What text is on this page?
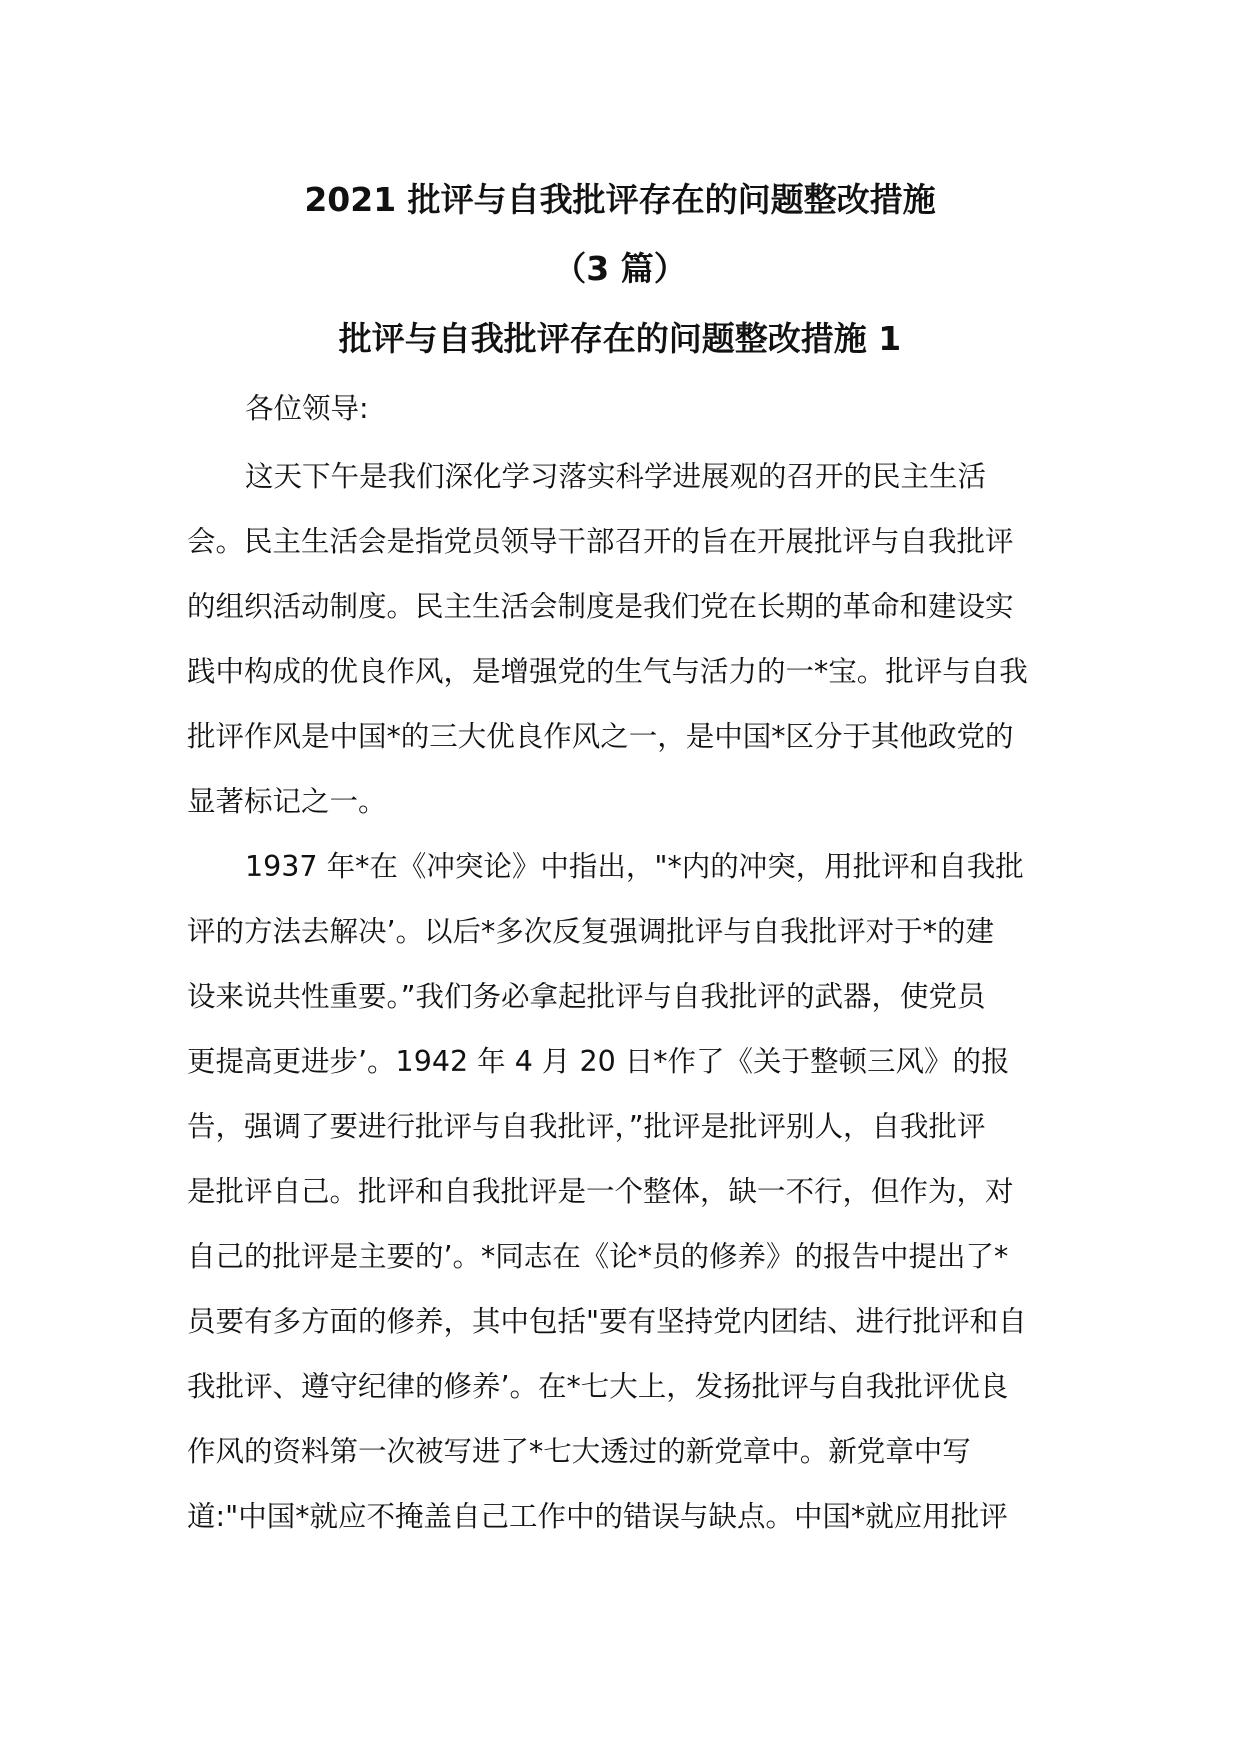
2021 批评与自我批评存在的问题整改措施
（3 篇）
批评与自我批评存在的问题整改措施 1
各位领导:
这天下午是我们深化学习落实科学进展观的召开的民主生活
会。民主生活会是指党员领导干部召开的旨在开展批评与自我批评
的组织活动制度。民主生活会制度是我们党在长期的革命和建设实
践中构成的优良作风，是增强党的生气与活力的一*宝。批评与自我
批评作风是中国*的三大优良作风之一，是中国*区分于其他政党的
显著标记之一。
1937 年*在《冲突论》中指出，"*内的冲突，用批评和自我批
评的方法去解决’。以后*多次反复强调批评与自我批评对于*的建
设来说共性重要。”我们务必拿起批评与自我批评的武器，使党员
更提高更进步’。1942 年 4 月 20 日*作了《关于整顿三风》的报
告，强调了要进行批评与自我批评，”批评是批评别人，自我批评
是批评自己。批评和自我批评是一个整体，缺一不行，但作为，对
自己的批评是主要的’。*同志在《论*员的修养》的报告中提出了*
员要有多方面的修养，其中包括"要有坚持党内团结、进行批评和自
我批评、遵守纪律的修养’。在*七大上，发扬批评与自我批评优良
作风的资料第一次被写进了*七大透过的新党章中。新党章中写
道:"中国*就应不掩盖自己工作中的错误与缺点。中国*就应用批评
